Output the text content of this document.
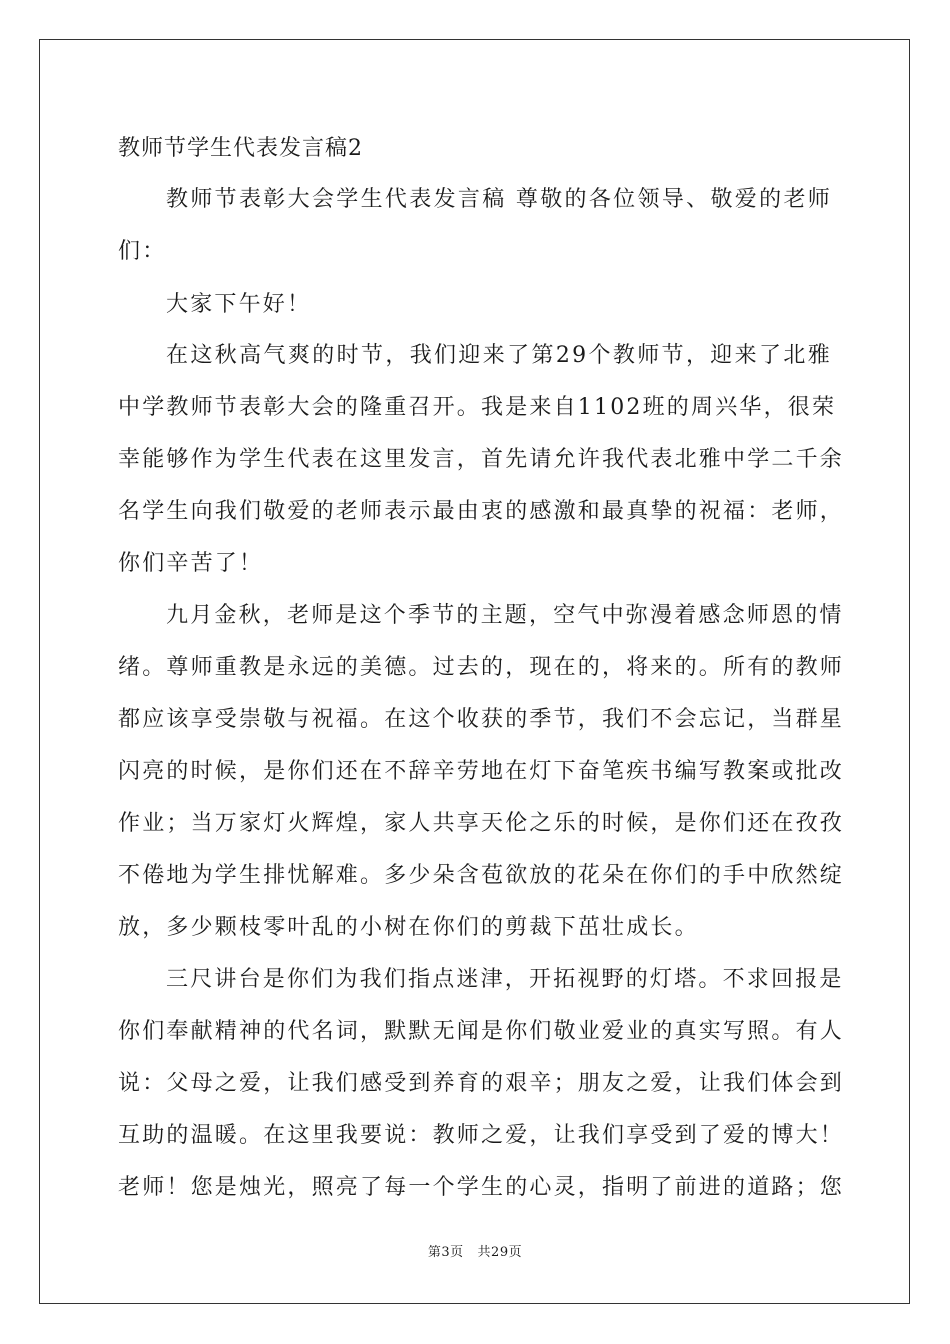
教师节学生代表发言稿2
教师节表彰大会学生代表发言稿 尊敬的各位领导、敬爱的老师
们：
大家下午好！
在这秋高气爽的时节，我们迎来了第29个教师节，迎来了北雅
中学教师节表彰大会的隆重召开。我是来自1102班的周兴华，很荣
幸能够作为学生代表在这里发言，首先请允许我代表北雅中学二千余
名学生向我们敬爱的老师表示最由衷的感激和最真挚的祝福：老师，
你们辛苦了！
九月金秋，老师是这个季节的主题，空气中弥漫着感念师恩的情
绪。尊师重教是永远的美德。过去的，现在的，将来的。所有的教师
都应该享受崇敬与祝福。在这个收获的季节，我们不会忘记，当群星
闪亮的时候，是你们还在不辞辛劳地在灯下奋笔疾书编写教案或批改
作业；当万家灯火辉煌，家人共享天伦之乐的时候，是你们还在孜孜
不倦地为学生排忧解难。多少朵含苞欲放的花朵在你们的手中欣然绽
放，多少颗枝零叶乱的小树在你们的剪裁下茁壮成长。
三尺讲台是你们为我们指点迷津，开拓视野的灯塔。不求回报是
你们奉献精神的代名词，默默无闻是你们敬业爱业的真实写照。有人
说：父母之爱，让我们感受到养育的艰辛；朋友之爱，让我们体会到
互助的温暖。在这里我要说：教师之爱，让我们享受到了爱的博大！
老师！您是烛光，照亮了每一个学生的心灵，指明了前进的道路；您
第3页   共29页
